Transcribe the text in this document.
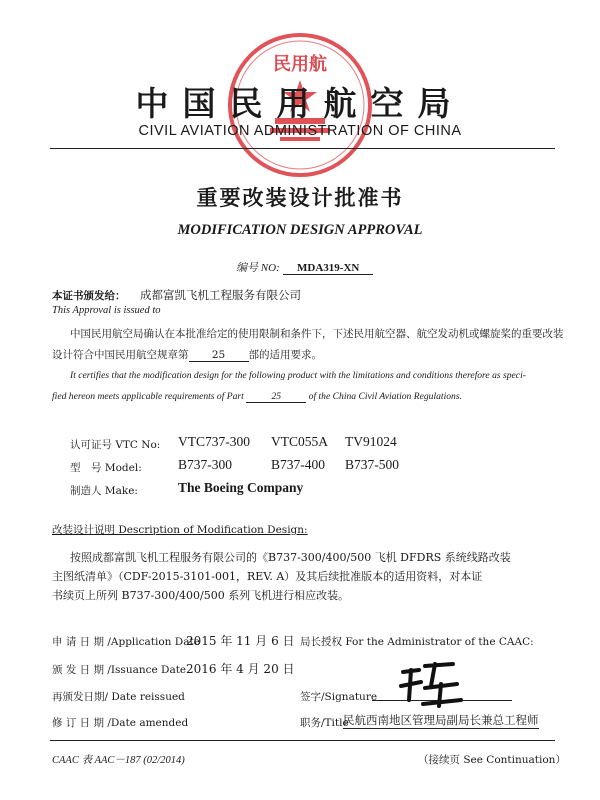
民用航
中国民用航空局
CIVIL AVIATION ADMINISTRATION OF CHINA
重要改装设计批准书
MODIFICATION DESIGN APPROVAL
编号 NO: MDA319-XN
本证书颁发给： 成都富凯飞机工程服务有限公司
This Approval is issued to
中国民用航空局确认在本批准给定的使用限制和条件下，下述民用航空器、航空发动机或螺旋桨的重要改装
设计符合中国民用航空规章第 25 部的适用要求。
It certifies that the modification design for the following product with the limitations and conditions therefore as speci-
fied hereon meets applicable requirements of Part	25	of the China Civil Aviation Regulations.
认可证号 VTC No: VTC737-300 VTC055A TV91024
型　号 Model:	B737-300	B737-400 B737-500
制造人 Make:	The Boeing Company
改装设计说明 Description of Modification Design:
按照成都富凯飞机工程服务有限公司的《B737-300/400/500 飞机 DFDRS 系统线路改装
主图纸清单》（CDF-2015-3101-001，REV. A）及其后续批准版本的适用资料，对本证
书续页上所列 B737-300/400/500 系列飞机进行相应改装。
申 请 日 期 /Application Date
2015 年 11 月 6 日
颁 发 日 期 /Issuance Date 2016 年 4 月 20 日
再颁发日期/ Date reissued
修 订 日 期 /Date amended
局长授权 For the Administrator of the CAAC:
签字/Signature
职务/Title
民航西南地区管理局副局长兼总工程师
CAAC 表 AAC－187 (02/2014)	（接续页 See Continuation）
